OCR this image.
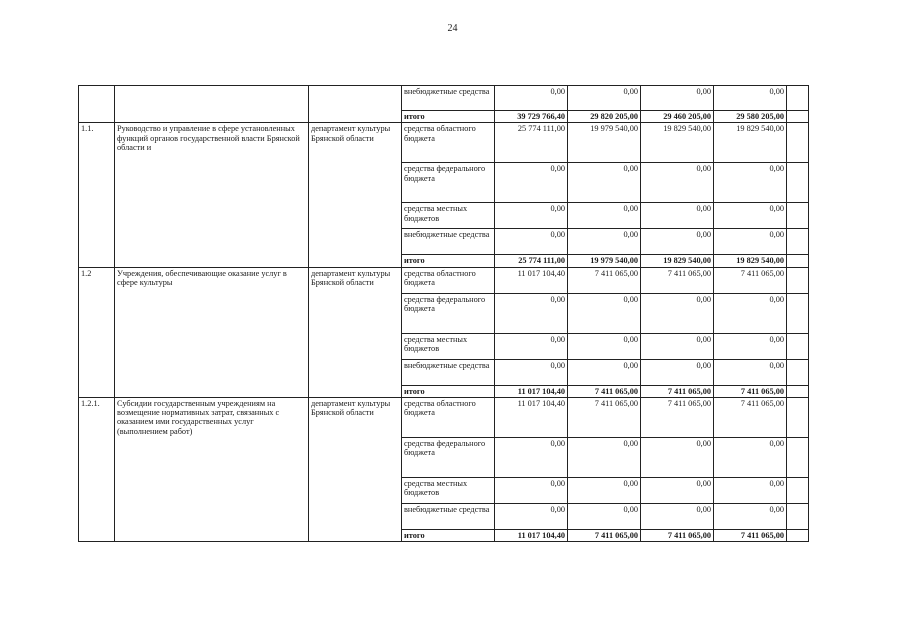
24
			внебюджетные средства	0,00	0,00	0,00	0,00	
			итого	39 729 766,40	29 820 205,00	29 460 205,00	29 580 205,00	
1.1.	Руководство и управление в сфере установленных функций органов государственной власти Брянской области и	департамент культуры Брянской области	средства областного бюджета	25 774 111,00	19 979 540,00	19 829 540,00	19 829 540,00	
			средства федерального бюджета	0,00	0,00	0,00	0,00	
			средства местных бюджетов	0,00	0,00	0,00	0,00	
			внебюджетные средства	0,00	0,00	0,00	0,00	
			итого	25 774 111,00	19 979 540,00	19 829 540,00	19 829 540,00	
1.2	Учреждения, обеспечивающие оказание услуг в сфере культуры	департамент культуры Брянской области	средства областного бюджета	11 017 104,40	7 411 065,00	7 411 065,00	7 411 065,00	
			средства федерального бюджета	0,00	0,00	0,00	0,00	
			средства местных бюджетов	0,00	0,00	0,00	0,00	
			внебюджетные средства	0,00	0,00	0,00	0,00	
			итого	11 017 104,40	7 411 065,00	7 411 065,00	7 411 065,00	
1.2.1.	Субсидии государственным учреждениям на возмещение нормативных затрат, связанных с оказанием ими государственных услуг (выполнением работ)	департамент культуры Брянской области	средства областного бюджета	11 017 104,40	7 411 065,00	7 411 065,00	7 411 065,00	
			средства федерального бюджета	0,00	0,00	0,00	0,00	
			средства местных бюджетов	0,00	0,00	0,00	0,00	
			внебюджетные средства	0,00	0,00	0,00	0,00	
			итого	11 017 104,40	7 411 065,00	7 411 065,00	7 411 065,00	
